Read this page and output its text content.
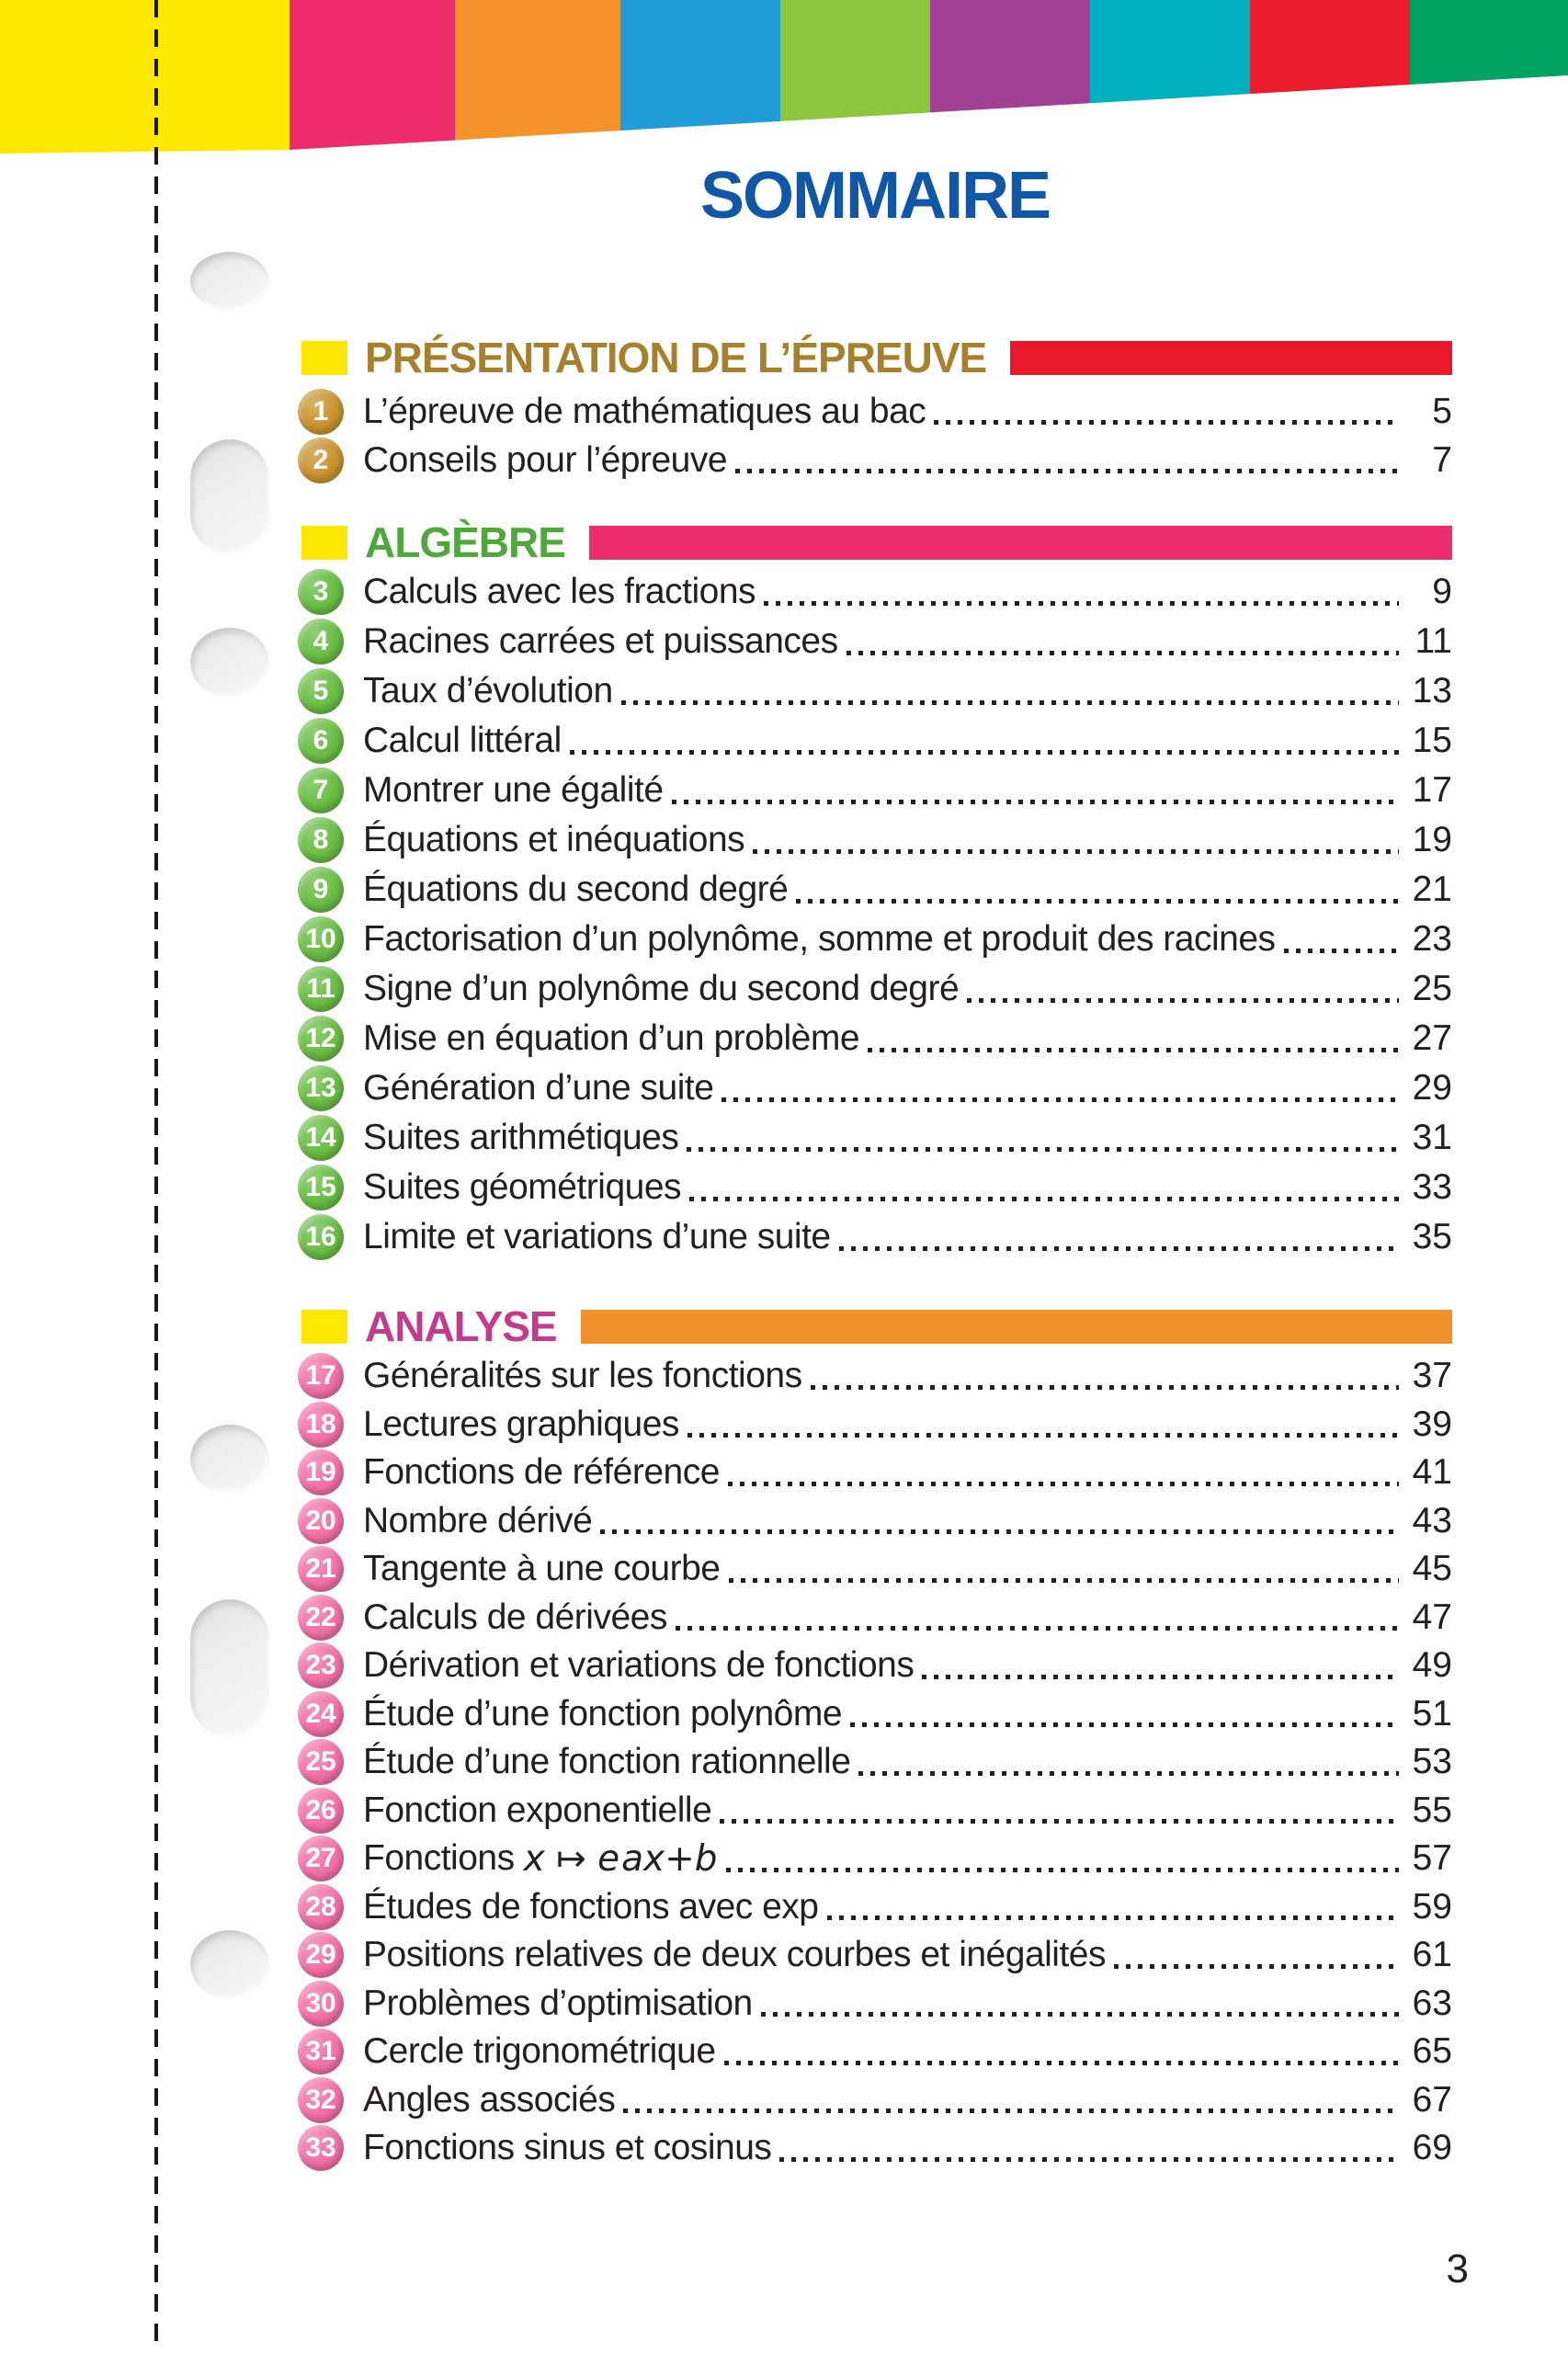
SOMMAIRE
PRÉSENTATION DE L’ÉPREUVE
1 L’épreuve de mathématiques au bac	5
2 Conseils pour l’épreuve	7
ALGÈBRE
3 Calculs avec les fractions	9
4 Racines carrées et puissances	11
5 Taux d’évolution	13
6 Calcul littéral	15
7 Montrer une égalité	17
8 Équations et inéquations	19
9 Équations du second degré	21
10 Factorisation d’un polynôme, somme et produit des racines	23
11 Signe d’un polynôme du second degré	25
12 Mise en équation d’un problème	27
13 Génération d’une suite	29
14 Suites arithmétiques	31
15 Suites géométriques	33
16 Limite et variations d’une suite	35
ANALYSE
17 Généralités sur les fonctions	37
18 Lectures graphiques	39
19 Fonctions de référence	41
20 Nombre dérivé	43
21 Tangente à une courbe	45
22 Calculs de dérivées	47
23 Dérivation et variations de fonctions	49
24 Étude d’une fonction polynôme	51
25 Étude d’une fonction rationnelle	53
26 Fonction exponentielle	55
27 Fonctions x ↦ e ax+b	57
28 Études de fonctions avec exp	59
29 Positions relatives de deux courbes et inégalités	61
30 Problèmes d’optimisation	63
31 Cercle trigonométrique	65
32 Angles associés	67
33 Fonctions sinus et cosinus	69
3
